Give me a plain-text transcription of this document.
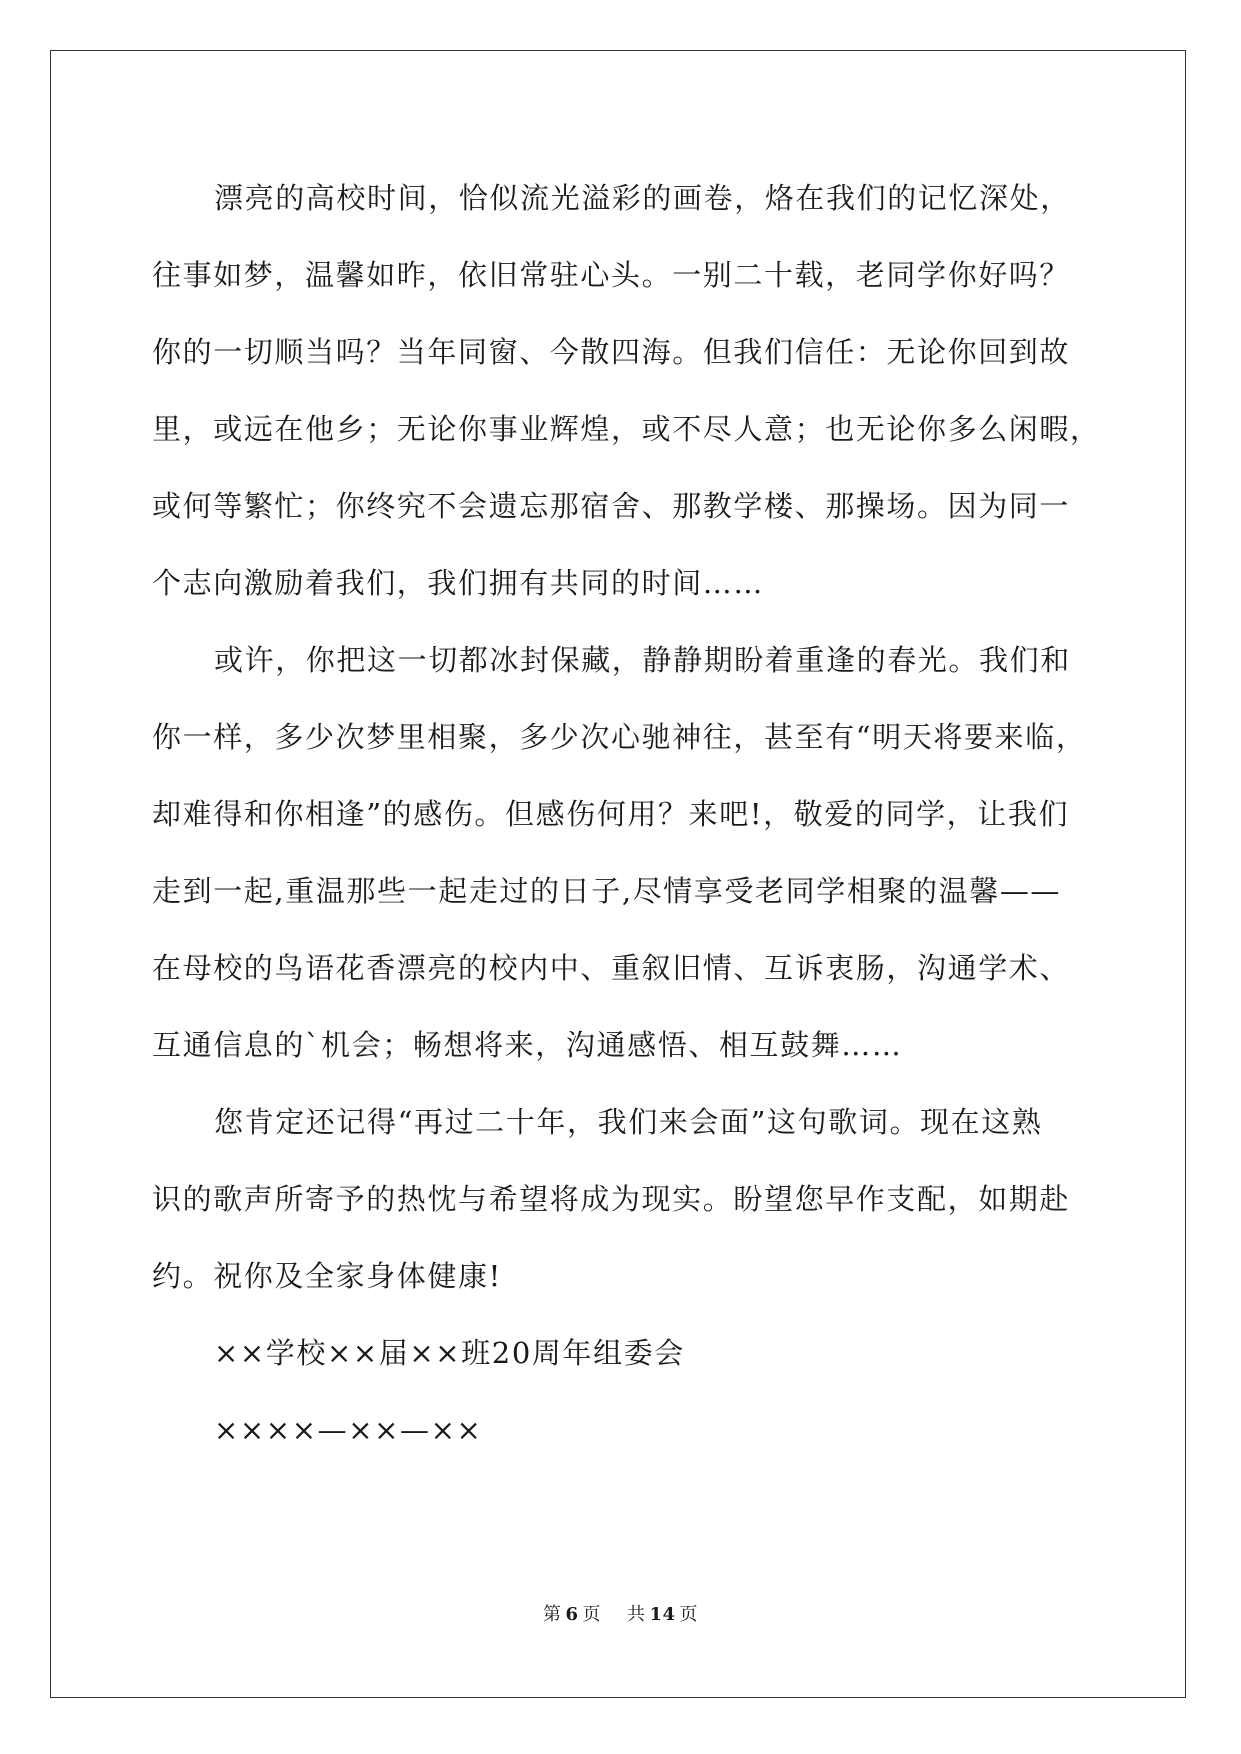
漂亮的高校时间，恰似流光溢彩的画卷，烙在我们的记忆深处，
往事如梦，温馨如昨，依旧常驻心头。一别二十载，老同学你好吗？
你的一切顺当吗？当年同窗、今散四海。但我们信任：无论你回到故
里，或远在他乡；无论你事业辉煌，或不尽人意；也无论你多么闲暇，
或何等繁忙；你终究不会遗忘那宿舍、那教学楼、那操场。因为同一
个志向激励着我们，我们拥有共同的时间……
或许，你把这一切都冰封保藏，静静期盼着重逢的春光。我们和
你一样，多少次梦里相聚，多少次心驰神往，甚至有“明天将要来临，
却难得和你相逢”的感伤。但感伤何用？来吧!，敬爱的同学，让我们
走到一起,重温那些一起走过的日子,尽情享受老同学相聚的温馨——
在母校的鸟语花香漂亮的校内中、重叙旧情、互诉衷肠，沟通学术、
互通信息的`机会；畅想将来，沟通感悟、相互鼓舞……
您肯定还记得“再过二十年，我们来会面”这句歌词。现在这熟
识的歌声所寄予的热忱与希望将成为现实。盼望您早作支配，如期赴
约。祝你及全家身体健康!
××学校××届××班20周年组委会
××××—××—××
第 6 页 共 14 页
